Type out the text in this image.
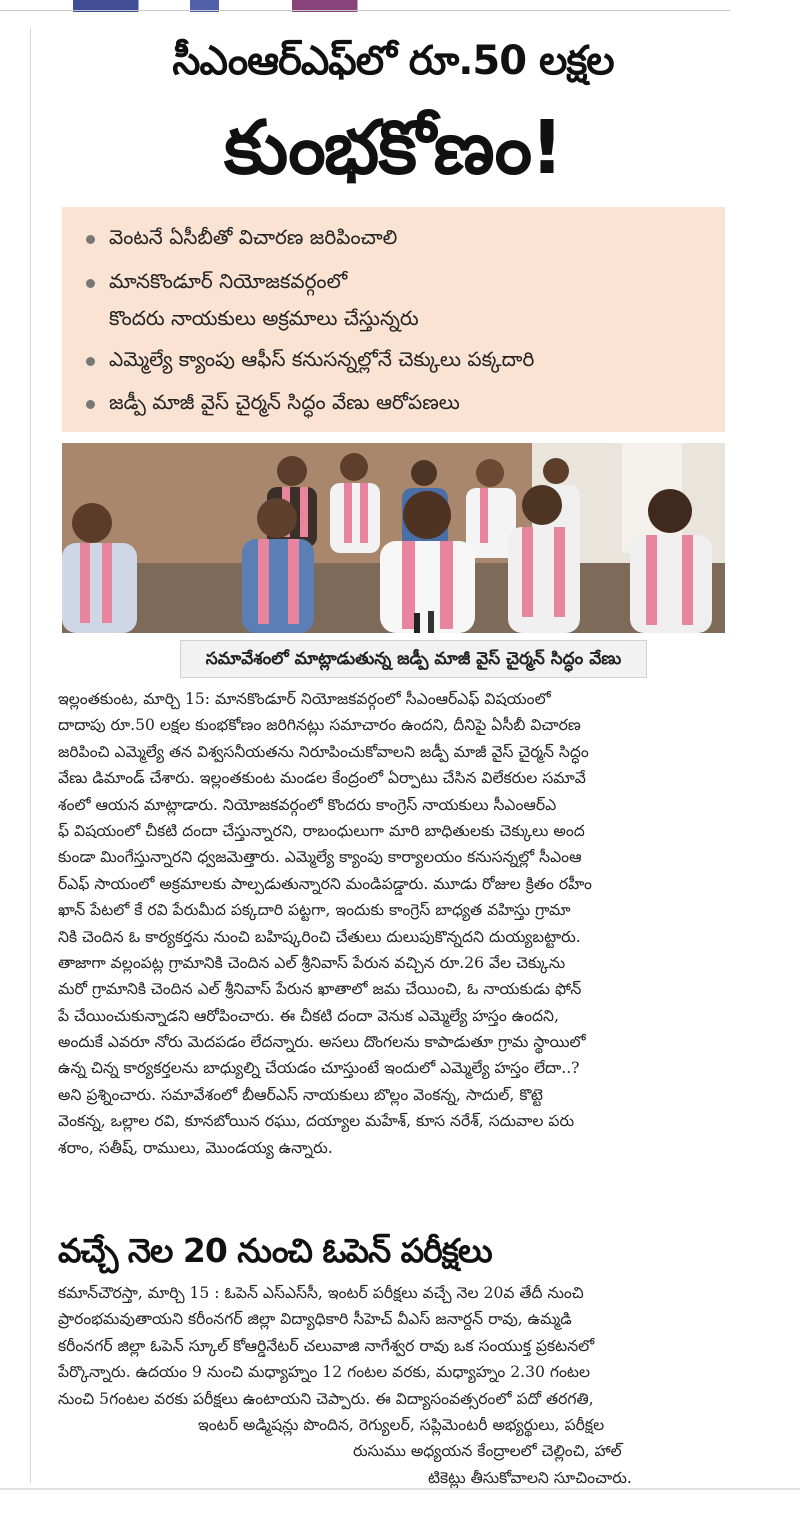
సీఎంఆర్ఎఫ్‌లో రూ.50 లక్షల
కుంభకోణం!
వెంటనే ఏసీబీతో విచారణ జరిపించాలి
మానకొండూర్ నియోజకవర్గంలో
కొందరు నాయకులు అక్రమాలు చేస్తున్నరు
ఎమ్మెల్యే క్యాంపు ఆఫీస్ కనుసన్నల్లోనే చెక్కులు పక్కదారి
జడ్పీ మాజీ వైస్ చైర్మన్ సిద్ధం వేణు ఆరోపణలు
సమావేశంలో మాట్లాడుతున్న జడ్పీ మాజీ వైస్ చైర్మన్ సిద్ధం వేణు
ఇల్లంతకుంట, మార్చి 15: మానకొండూర్ నియోజకవర్గంలో సీఎంఆర్ఎఫ్ విషయంలో
దాదాపు రూ.50 లక్షల కుంభకోణం జరిగినట్లు సమాచారం ఉందని, దీనిపై ఏసీబీ విచారణ
జరిపించి ఎమ్మెల్యే తన విశ్వసనీయతను నిరూపించుకోవాలని జడ్పీ మాజీ వైస్ చైర్మన్ సిద్ధం
వేణు డిమాండ్ చేశారు. ఇల్లంతకుంట మండల కేంద్రంలో ఏర్పాటు చేసిన విలేకరుల సమావే
శంలో ఆయన మాట్లాడారు. నియోజకవర్గంలో కొందరు కాంగ్రెస్ నాయకులు సీఎంఆర్ఎ
ఫ్ విషయంలో చీకటి దందా చేస్తున్నారని, రాబంధులుగా మారి బాధితులకు చెక్కులు అంద
కుండా మింగేస్తున్నారని ధ్వజమెత్తారు. ఎమ్మెల్యే క్యాంపు కార్యాలయం కనుసన్నల్లో సీఎంఆ
ర్ఎఫ్ సాయంలో అక్రమాలకు పాల్పడుతున్నారని మండిపడ్డారు. మూడు రోజుల క్రితం రహీం
ఖాన్ పేటలో కే రవి పేరుమీద పక్కదారి పట్టగా, ఇందుకు కాంగ్రెస్ బాధ్యత వహిస్తు గ్రామా
నికి చెందిన ఓ కార్యకర్తను నుంచి బహిష్కరించి చేతులు దులుపుకొన్నదని దుయ్యబట్టారు.
తాజాగా వల్లంపట్ల గ్రామానికి చెందిన ఎల్ శ్రీనివాస్ పేరున వచ్చిన రూ.26 వేల చెక్కును
మరో గ్రామానికి చెందిన ఎల్ శ్రీనివాస్ పేరున ఖాతాలో జమ చేయించి, ఓ నాయకుడు ఫోన్
పే చేయించుకున్నాడని ఆరోపించారు. ఈ చీకటి దందా వెనుక ఎమ్మెల్యే హస్తం ఉందని,
అందుకే ఎవరూ నోరు మెదపడం లేదన్నారు. అసలు దొంగలను కాపాడుతూ గ్రామ స్థాయిలో
ఉన్న చిన్న కార్యకర్తలను బాధ్యుల్ని చేయడం చూస్తుంటే ఇందులో ఎమ్మెల్యే హస్తం లేదా..?
అని ప్రశ్నించారు. సమావేశంలో బీఆర్ఎస్ నాయకులు బొల్లం వెంకన్న, సాదుల్, కొట్టె
వెంకన్న, ఒల్లాల రవి, కూనబోయిన రఘు, దయ్యాల మహేశ్, కూస నరేశ్, సదువాల పరు
శరాం, సతీష్, రాములు, మొండయ్య ఉన్నారు.
వచ్చే నెల 20 నుంచి ఓపెన్ పరీక్షలు
కమాన్‌చౌరస్తా, మార్చి 15 : ఓపెన్ ఎస్ఎస్‌సీ, ఇంటర్ పరీక్షలు వచ్చే నెల 20వ తేదీ నుంచి
ప్రారంభమవుతాయని కరీంనగర్ జిల్లా విద్యాధికారి సీహెచ్ వీఎస్ జనార్దన్ రావు, ఉమ్మడి
కరీంనగర్ జిల్లా ఓపెన్ స్కూల్ కోఆర్డినేటర్ చలువాజి నాగేశ్వర రావు ఒక సంయుక్త ప్రకటనలో
పేర్కొన్నారు. ఉదయం 9 నుంచి మధ్యాహ్నం 12 గంటల వరకు, మధ్యాహ్నం 2.30 గంటల
నుంచి 5గంటల వరకు పరీక్షలు ఉంటాయని చెప్పారు. ఈ విద్యాసంవత్సరంలో పదో తరగతి,
ఇంటర్ అడ్మిషన్లు పొందిన, రెగ్యులర్, సప్లిమెంటరీ అభ్యర్థులు, పరీక్షల
రుసుము అధ్యయన కేంద్రాలలో చెల్లించి, హాల్
టికెట్లు తీసుకోవాలని సూచించారు.
